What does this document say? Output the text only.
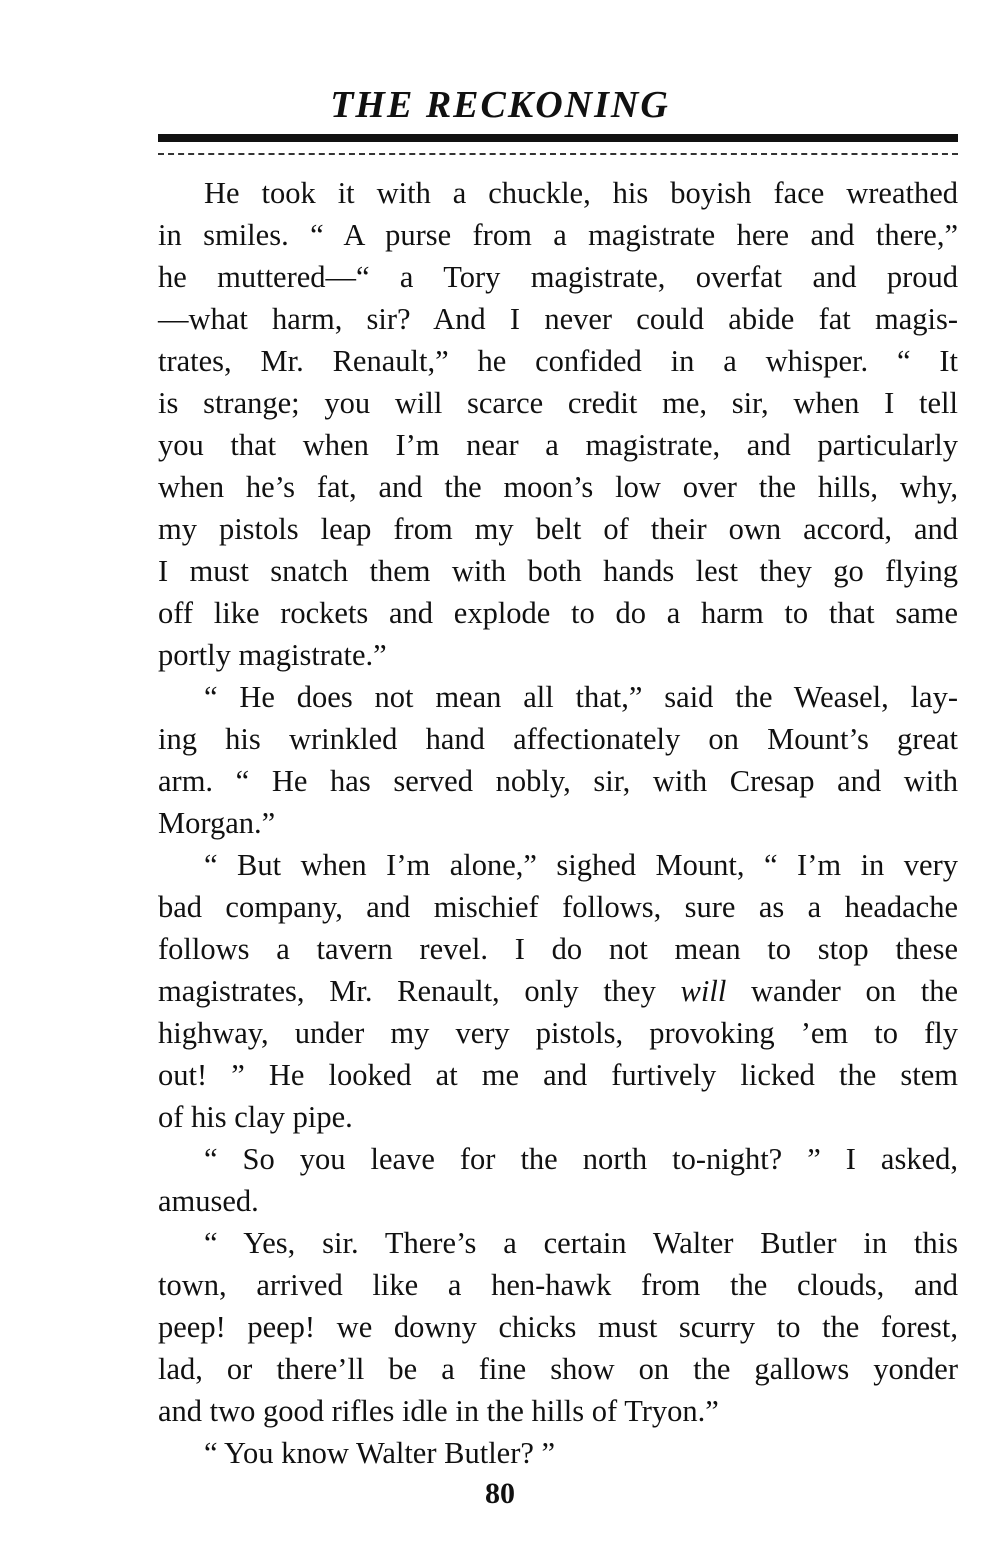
THE RECKONING
He took it with a chuckle, his boyish face wreathed
in smiles. “ A purse from a magistrate here and there,”
he muttered—“ a Tory magistrate, overfat and proud
—what harm, sir? And I never could abide fat magis-
trates, Mr. Renault,” he confided in a whisper. “ It
is strange; you will scarce credit me, sir, when I tell
you that when I’m near a magistrate, and particularly
when he’s fat, and the moon’s low over the hills, why,
my pistols leap from my belt of their own accord, and
I must snatch them with both hands lest they go flying
off like rockets and explode to do a harm to that same
portly magistrate.”
“ He does not mean all that,” said the Weasel, lay-
ing his wrinkled hand affectionately on Mount’s great
arm. “ He has served nobly, sir, with Cresap and with
Morgan.”
“ But when I’m alone,” sighed Mount, “ I’m in very
bad company, and mischief follows, sure as a headache
follows a tavern revel. I do not mean to stop these
magistrates, Mr. Renault, only they will wander on the
highway, under my very pistols, provoking ’em to fly
out! ” He looked at me and furtively licked the stem
of his clay pipe.
“ So you leave for the north to-night? ” I asked,
amused.
“ Yes, sir. There’s a certain Walter Butler in this
town, arrived like a hen-hawk from the clouds, and
peep! peep! we downy chicks must scurry to the forest,
lad, or there’ll be a fine show on the gallows yonder
and two good rifles idle in the hills of Tryon.”
“ You know Walter Butler? ”
80
